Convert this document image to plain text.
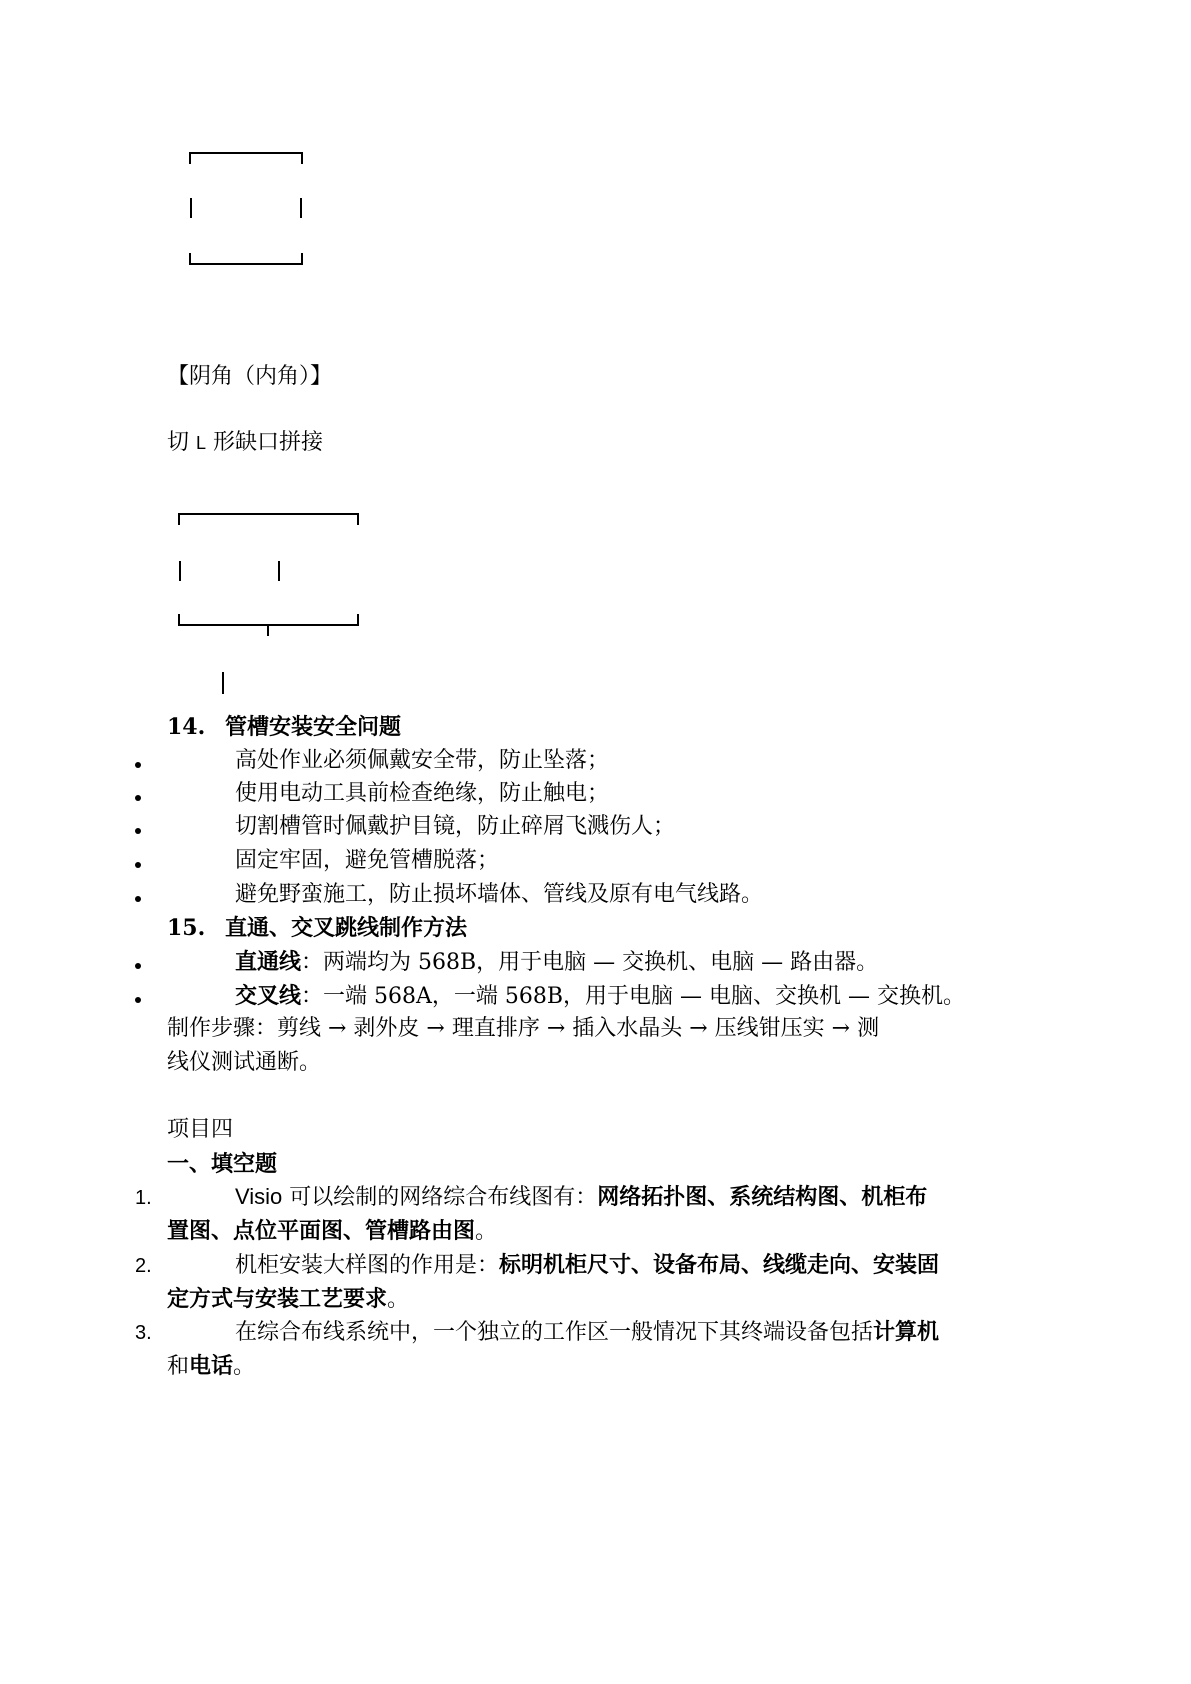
【阴角（内角）】
切 L 形缺口拼接
14. 管槽安装安全问题
高处作业必须佩戴安全带，防止坠落；
使用电动工具前检查绝缘，防止触电；
切割槽管时佩戴护目镜，防止碎屑飞溅伤人；
固定牢固，避免管槽脱落；
避免野蛮施工，防止损坏墙体、管线及原有电气线路。
15. 直通、交叉跳线制作方法
直通线：两端均为 568B，用于电脑 — 交换机、电脑 — 路由器。
交叉线：一端 568A，一端 568B，用于电脑 — 电脑、交换机 — 交换机。
制作步骤：剪线 → 剥外皮 → 理直排序 → 插入水晶头 → 压线钳压实 → 测
线仪测试通断。
项目四
一、填空题
1.	Visio 可以绘制的网络综合布线图有：网络拓扑图、系统结构图、机柜布
置图、点位平面图、管槽路由图。
2.	机柜安装大样图的作用是：标明机柜尺寸、设备布局、线缆走向、安装固
定方式与安装工艺要求。
3.	在综合布线系统中，一个独立的工作区一般情况下其终端设备包括计算机
和电话。
